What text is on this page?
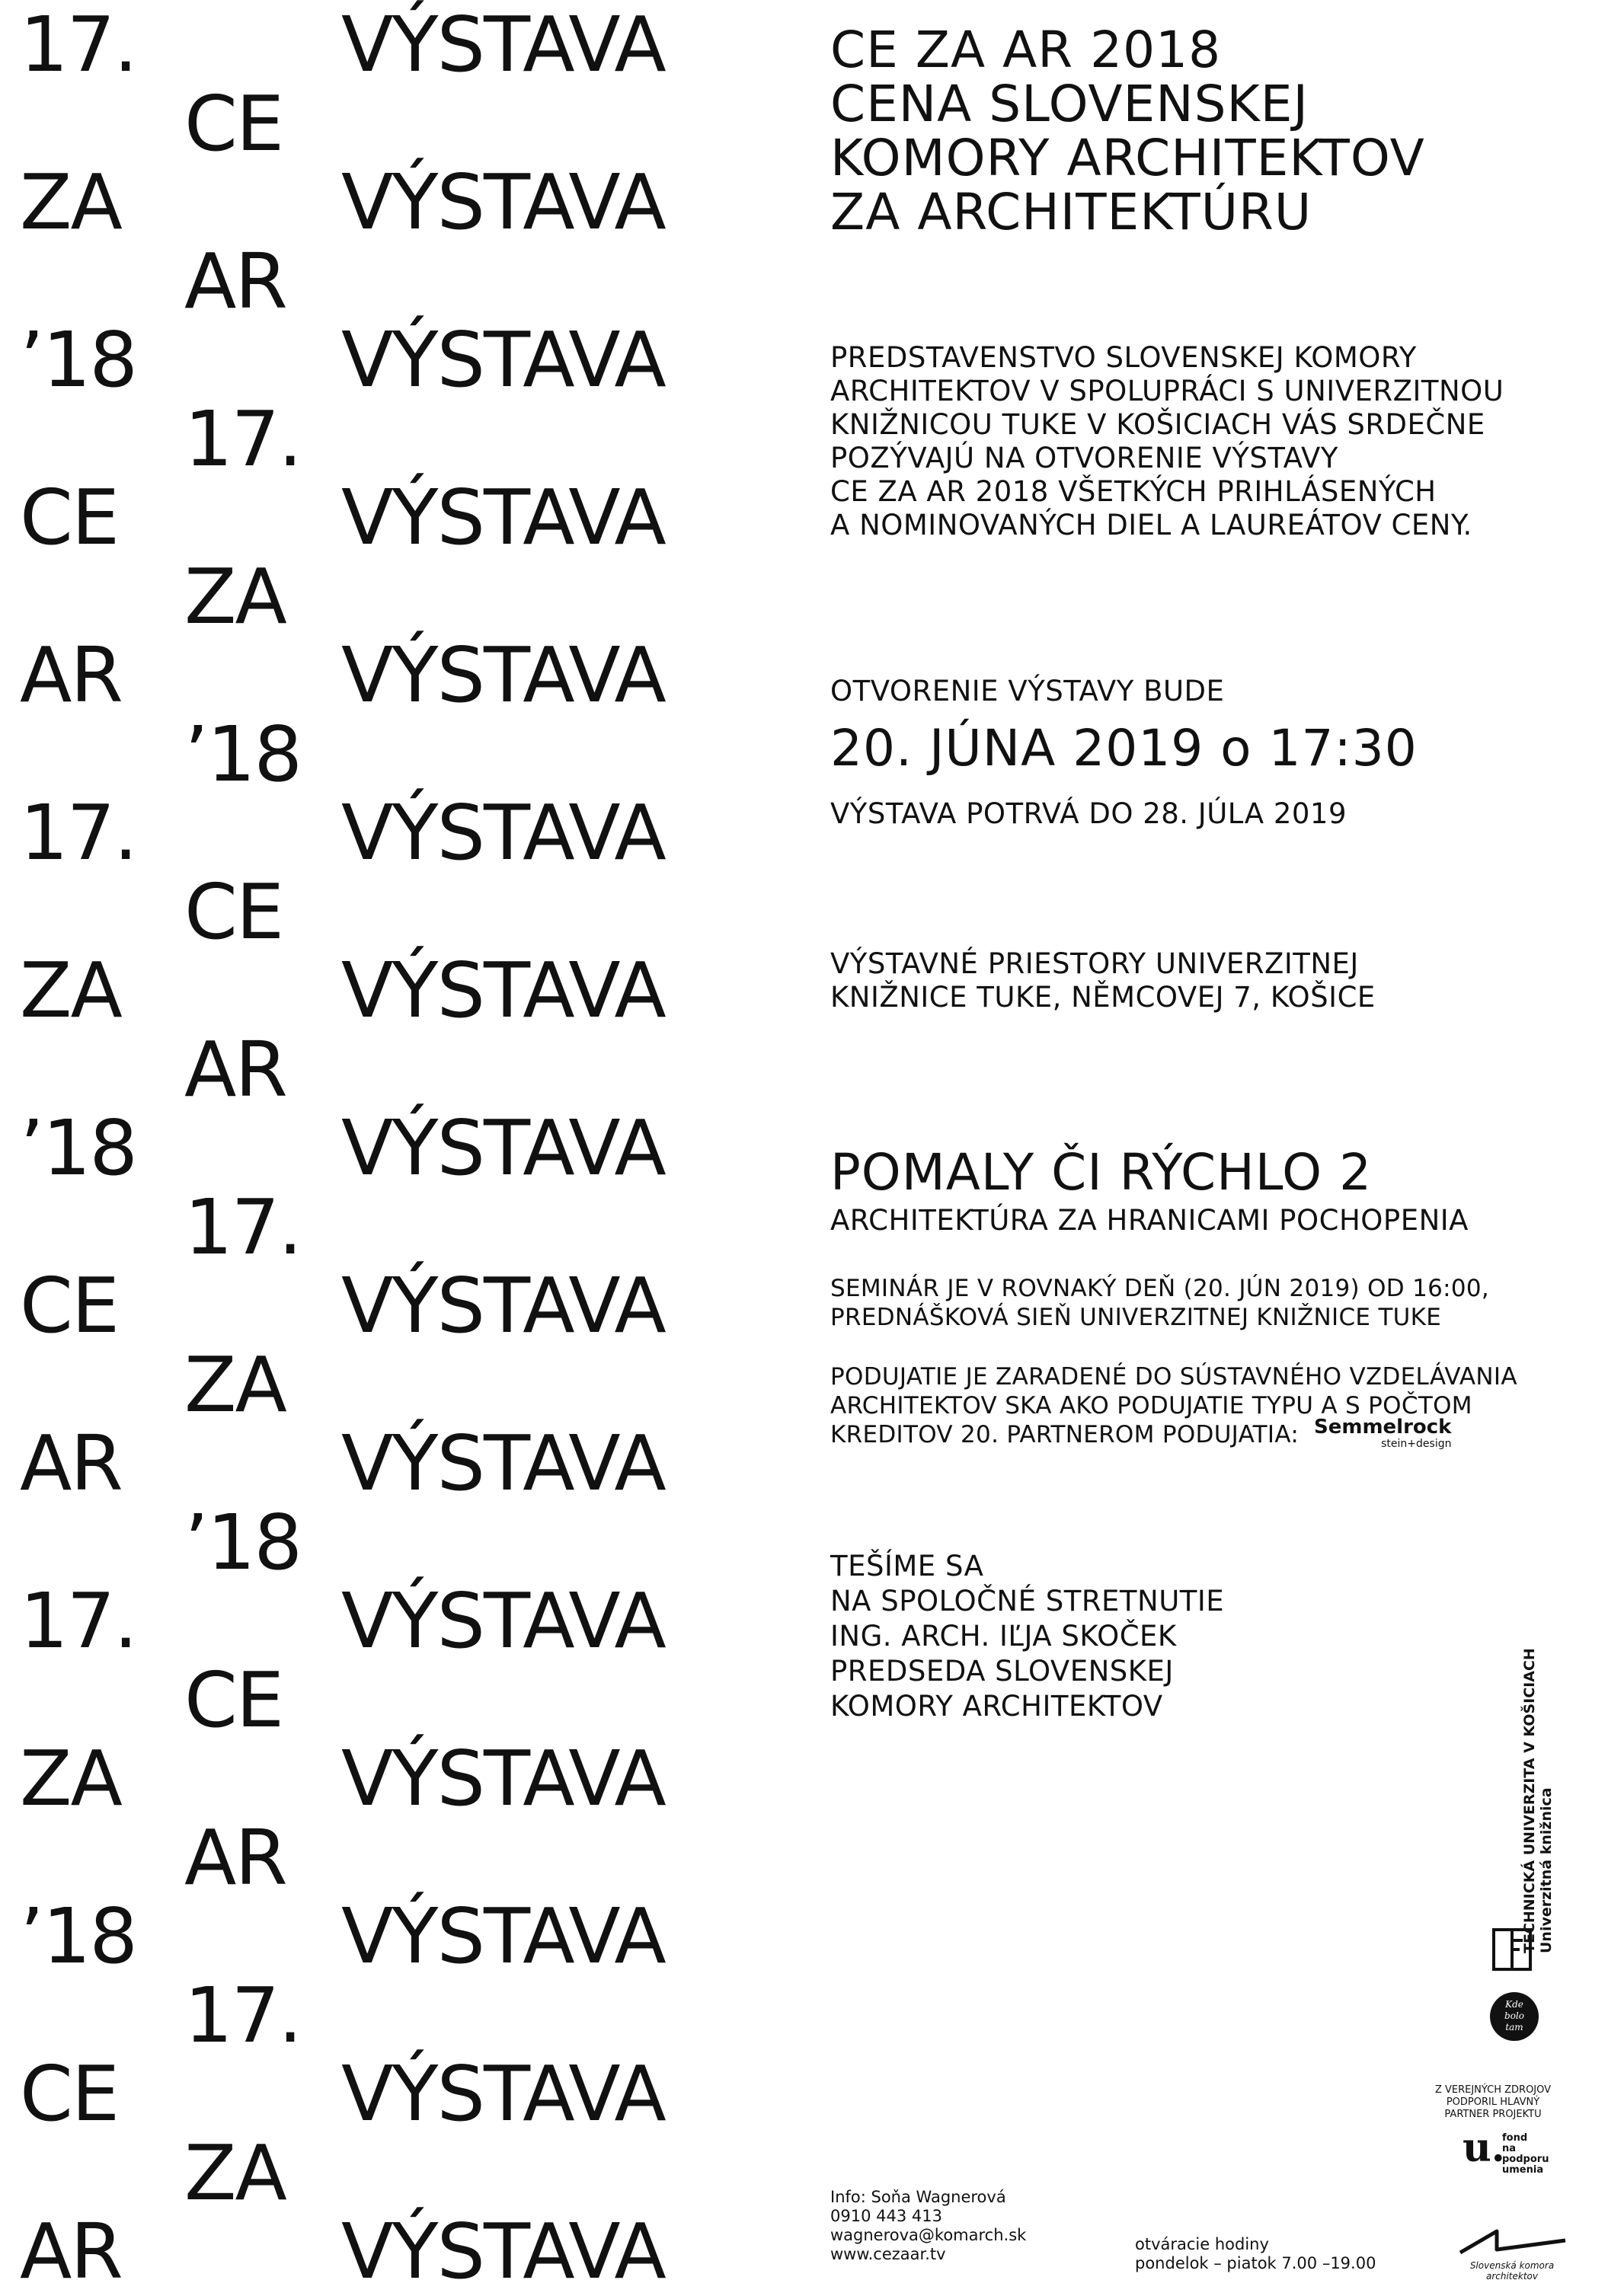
17.	VÝSTAVA
CE
ZA	VÝSTAVA
AR
’18	VÝSTAVA
17.
CE	VÝSTAVA
ZA
AR	VÝSTAVA
’18
17.	VÝSTAVA
CE
ZA	VÝSTAVA
AR
’18	VÝSTAVA
17.
CE	VÝSTAVA
ZA
AR	VÝSTAVA
’18
17.	VÝSTAVA
CE
ZA	VÝSTAVA
AR
’18	VÝSTAVA
17.
CE	VÝSTAVA
ZA
AR	VÝSTAVA
CE ZA AR 2018
CENA SLOVENSKEJ
KOMORY ARCHITEKTOV
ZA ARCHITEKTÚRU
PREDSTAVENSTVO SLOVENSKEJ KOMORY
ARCHITEKTOV V SPOLUPRÁCI S UNIVERZITNOU
KNIŽNICOU TUKE V KOŠICIACH VÁS SRDEČNE
POZÝVAJÚ NA OTVORENIE VÝSTAVY
CE ZA AR 2018 VŠETKÝCH PRIHLÁSENÝCH
A NOMINOVANÝCH DIEL A LAUREÁTOV CENY.
OTVORENIE VÝSTAVY BUDE
20. JÚNA 2019 o 17:30
VÝSTAVA POTRVÁ DO 28. JÚLA 2019
VÝSTAVNÉ PRIESTORY UNIVERZITNEJ
KNIŽNICE TUKE, NĚMCOVEJ 7, KOŠICE
POMALY ČI RÝCHLO 2
ARCHITEKTÚRA ZA HRANICAMI POCHOPENIA
SEMINÁR JE V ROVNAKÝ DEŇ (20. JÚN 2019) OD 16:00,
PREDNÁŠKOVÁ SIEŇ UNIVERZITNEJ KNIŽNICE TUKE
PODUJATIE JE ZARADENÉ DO SÚSTAVNÉHO VZDELÁVANIA
ARCHITEKTOV SKA AKO PODUJATIE TYPU A S POČTOM
KREDITOV 20. PARTNEROM PODUJATIA: Semmelrock
stein+design
TEŠÍME SA
NA SPOLOČNÉ STRETNUTIE
ING. ARCH. IĽJA SKOČEK
PREDSEDA SLOVENSKEJ
KOMORY ARCHITEKTOV
Info: Soňa Wagnerová
0910 443 413
wagnerova@komarch.sk
www.cezaar.tv
otváracie hodiny
pondelok – piatok 7.00 –19.00
TECHNICKÁ UNIVERZITA V KOŠICIACH Univerzitná knižnica
Kde
bolo
tam
Z VEREJNÝCH ZDROJOV
PODPORIL HLAVNÝ
PARTNER PROJEKTU
u.
fond
na podporu
umenia
Slovenská komora architektov
